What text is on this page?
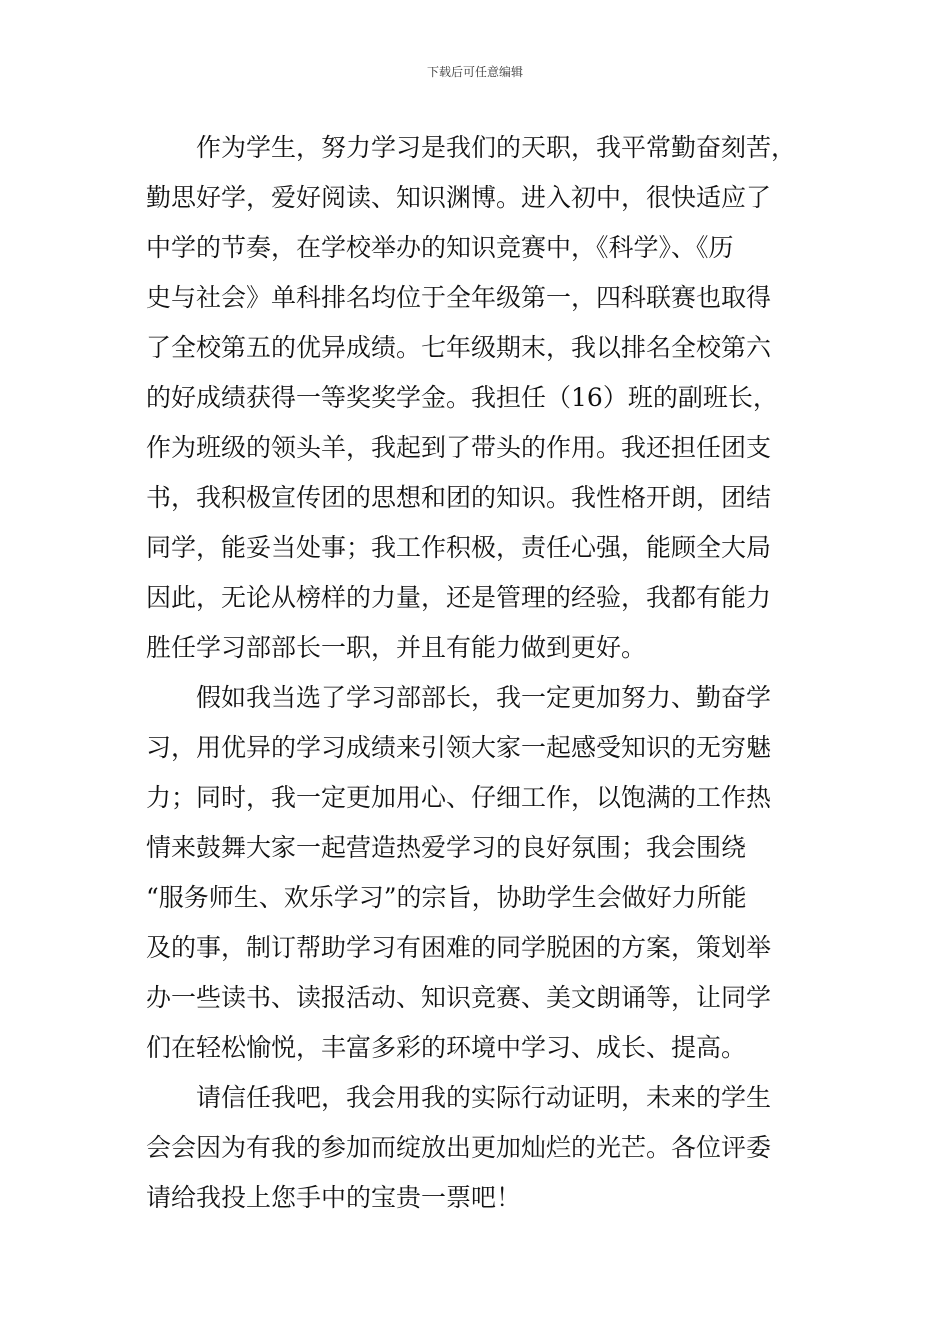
下载后可任意编辑
作为学生，努力学习是我们的天职，我平常勤奋刻苦，
勤思好学，爱好阅读、知识渊博。进入初中，很快适应了
中学的节奏，在学校举办的知识竞赛中，《科学》、《历
史与社会》单科排名均位于全年级第一，四科联赛也取得
了全校第五的优异成绩。七年级期末，我以排名全校第六
的好成绩获得一等奖奖学金。我担任（16）班的副班长，
作为班级的领头羊，我起到了带头的作用。我还担任团支
书，我积极宣传团的思想和团的知识。我性格开朗，团结
同学，能妥当处事；我工作积极，责任心强，能顾全大局
因此，无论从榜样的力量，还是管理的经验，我都有能力
胜任学习部部长一职，并且有能力做到更好。
假如我当选了学习部部长，我一定更加努力、勤奋学
习，用优异的学习成绩来引领大家一起感受知识的无穷魅
力；同时，我一定更加用心、仔细工作，以饱满的工作热
情来鼓舞大家一起营造热爱学习的良好氛围；我会围绕
“服务师生、欢乐学习”的宗旨，协助学生会做好力所能
及的事，制订帮助学习有困难的同学脱困的方案，策划举
办一些读书、读报活动、知识竞赛、美文朗诵等，让同学
们在轻松愉悦，丰富多彩的环境中学习、成长、提高。
请信任我吧，我会用我的实际行动证明，未来的学生
会会因为有我的参加而绽放出更加灿烂的光芒。各位评委
请给我投上您手中的宝贵一票吧！
